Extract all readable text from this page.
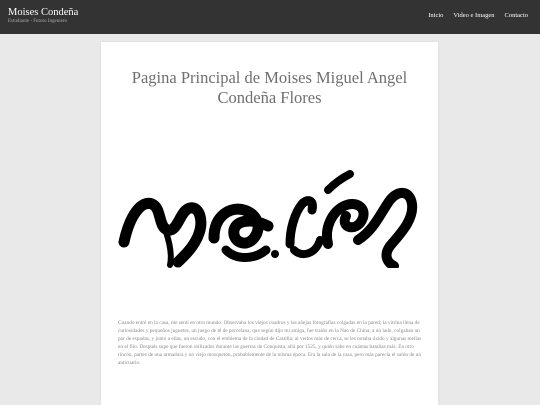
Moises Condeña
Estudiante - Futuro Ingeniero
Inicio Video e Imagen Contacto
Pagina Principal de Moises Miguel Angel
Condeña Flores

Cuando entré en la casa, me sentí en otro mundo. Observaba los viejos cuadros y las añejas fotografías colgadas en la pared; la vitrina llena de curiosidades y pequeños juguetes, un juego de té de porcelana, que según dijo mi amiga, fue traído en la Nao de China; a un lado, colgaban un par de espadas, y junto a ellas, un escudo, con el emblema de la ciudad de Castilla; al verlos más de cerca, se les notaba óxido y algunas mellas en el filo. Después supe que fueron utilizados durante las guerras de Conquista, allá por 1525, y quién sabe en cuántas batallas más. En otro rincón, partes de una armadura y un viejo mosquetón, probablemente de la misma época. Era la sala de la casa, pero más parecía el salón de un anticuario.
